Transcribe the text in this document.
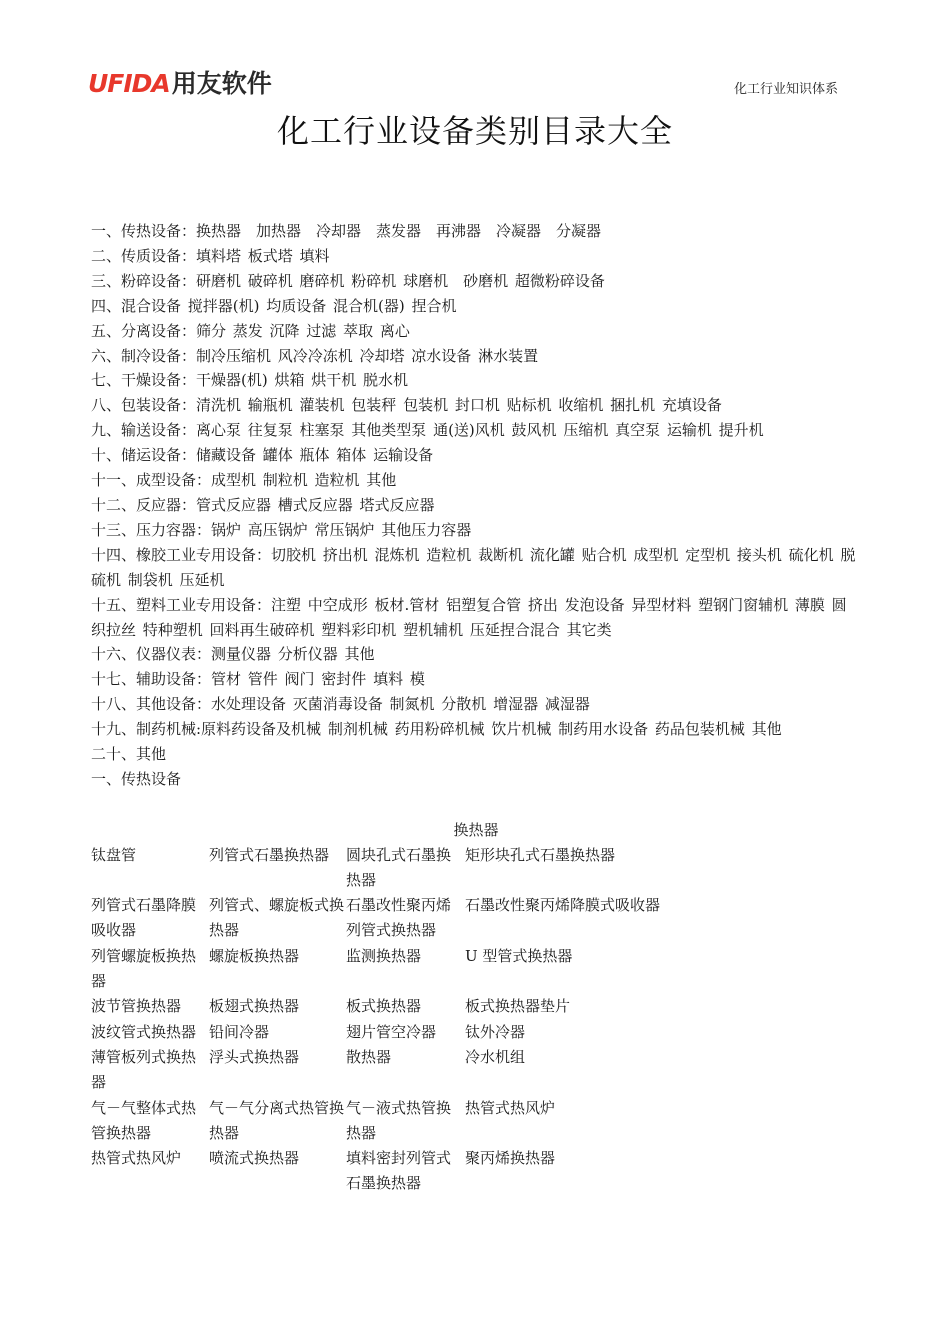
UFIDA 用友软件	化工行业知识体系
化工行业设备类别目录大全
一、传热设备：换热器　加热器　冷却器　蒸发器　再沸器　冷凝器　分凝器
二、传质设备：填料塔 板式塔 填料
三、粉碎设备：研磨机 破碎机 磨碎机 粉碎机 球磨机　砂磨机 超微粉碎设备
四、混合设备 搅拌器(机) 均质设备 混合机(器) 捏合机
五、分离设备：筛分 蒸发 沉降 过滤 萃取 离心
六、制冷设备：制冷压缩机 风冷冷冻机 冷却塔 凉水设备 淋水装置
七、干燥设备：干燥器(机) 烘箱 烘干机 脱水机
八、包装设备：清洗机 输瓶机 灌装机 包装秤 包装机 封口机 贴标机 收缩机 捆扎机 充填设备
九、输送设备：离心泵 往复泵 柱塞泵 其他类型泵 通(送)风机 鼓风机 压缩机 真空泵 运输机 提升机
十、储运设备：储藏设备 罐体 瓶体 箱体 运输设备
十一、成型设备：成型机 制粒机 造粒机 其他
十二、反应器：管式反应器 槽式反应器 塔式反应器
十三、压力容器：锅炉 高压锅炉 常压锅炉 其他压力容器
十四、橡胶工业专用设备：切胶机 挤出机 混炼机 造粒机 裁断机 流化罐 贴合机 成型机 定型机 接头机 硫化机 脱硫机 制袋机 压延机
十五、塑料工业专用设备：注塑 中空成形 板材.管材 铝塑复合管 挤出 发泡设备 异型材料 塑钢门窗辅机 薄膜 圆织拉丝 特种塑机 回料再生破碎机 塑料彩印机 塑机辅机 压延捏合混合 其它类
十六、仪器仪表：测量仪器 分析仪器 其他
十七、辅助设备：管材 管件 阀门 密封件 填料 模
十八、其他设备：水处理设备 灭菌消毒设备 制氮机 分散机 增湿器 减湿器
十九、制药机械:原料药设备及机械 制剂机械 药用粉碎机械 饮片机械 制药用水设备 药品包装机械 其他
二十、其他
一、传热设备
换热器
钛盘管	列管式石墨换热器	圆块孔式石墨换热器	矩形块孔式石墨换热器
列管式石墨降膜吸收器	列管式、螺旋板式换热器	石墨改性聚丙烯列管式换热器	石墨改性聚丙烯降膜式吸收器
列管螺旋板换热器	螺旋板换热器	监测换热器	U 型管式换热器
波节管换热器	板翅式换热器	板式换热器	板式换热器垫片
波纹管式换热器	铅间冷器	翅片管空冷器	钛外冷器
薄管板列式换热器	浮头式换热器	散热器	冷水机组
气－气整体式热管换热器	气－气分离式热管换热器	气－液式热管换热器	热管式热风炉
热管式热风炉	喷流式换热器	填料密封列管式石墨换热器	聚丙烯换热器
